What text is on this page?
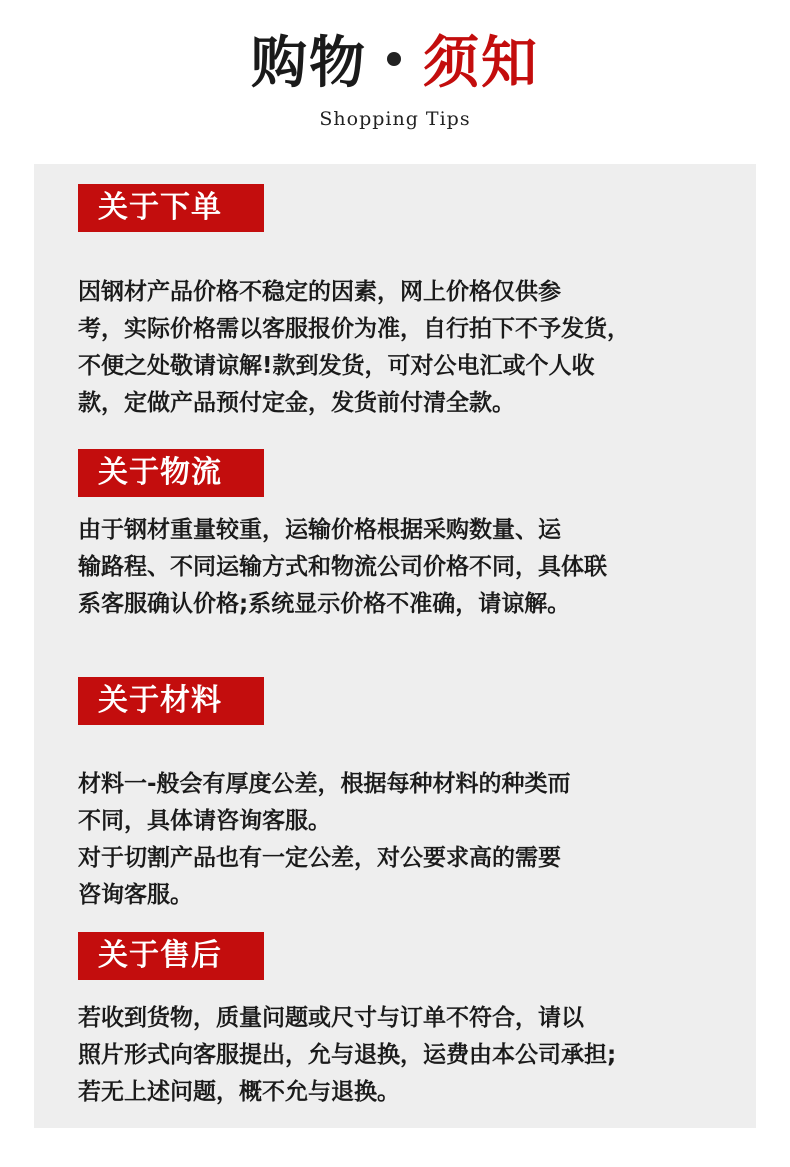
购物 须知
Shopping Tips
关于下单
因钢材产品价格不稳定的因素，网上价格仅供参
考，实际价格需以客服报价为准，自行拍下不予发货，
不便之处敬请谅解!款到发货，可对公电汇或个人收
款，定做产品预付定金，发货前付清全款。
关于物流
由于钢材重量较重，运输价格根据采购数量、运
输路程、不同运输方式和物流公司价格不同，具体联
系客服确认价格;系统显示价格不准确，请谅解。
关于材料
材料一-般会有厚度公差，根据每种材料的种类而
不同，具体请咨询客服。
对于切割产品也有一定公差，对公要求高的需要
咨询客服。
关于售后
若收到货物，质量问题或尺寸与订单不符合，请以
照片形式向客服提出，允与退换，运费由本公司承担;
若无上述问题，概不允与退换。
